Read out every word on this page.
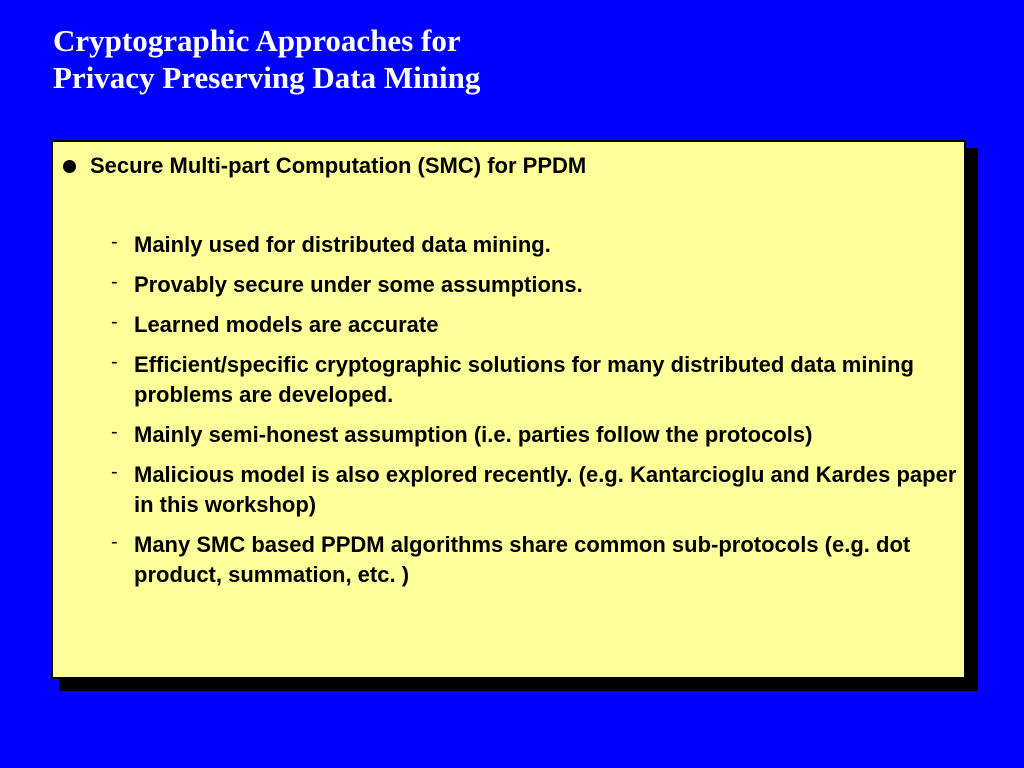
Cryptographic Approaches for
Privacy Preserving Data Mining
Secure Multi-part Computation (SMC) for PPDM
- Mainly used for distributed data mining.
- Provably secure under some assumptions.
- Learned models are accurate
- Efficient/specific cryptographic solutions for many distributed data mining problems are developed.
- Mainly semi-honest assumption (i.e. parties follow the protocols)
- Malicious model is also explored recently. (e.g. Kantarcioglu and Kardes paper in this workshop)
- Many SMC based PPDM algorithms share common sub-protocols (e.g. dot product, summation, etc. )
